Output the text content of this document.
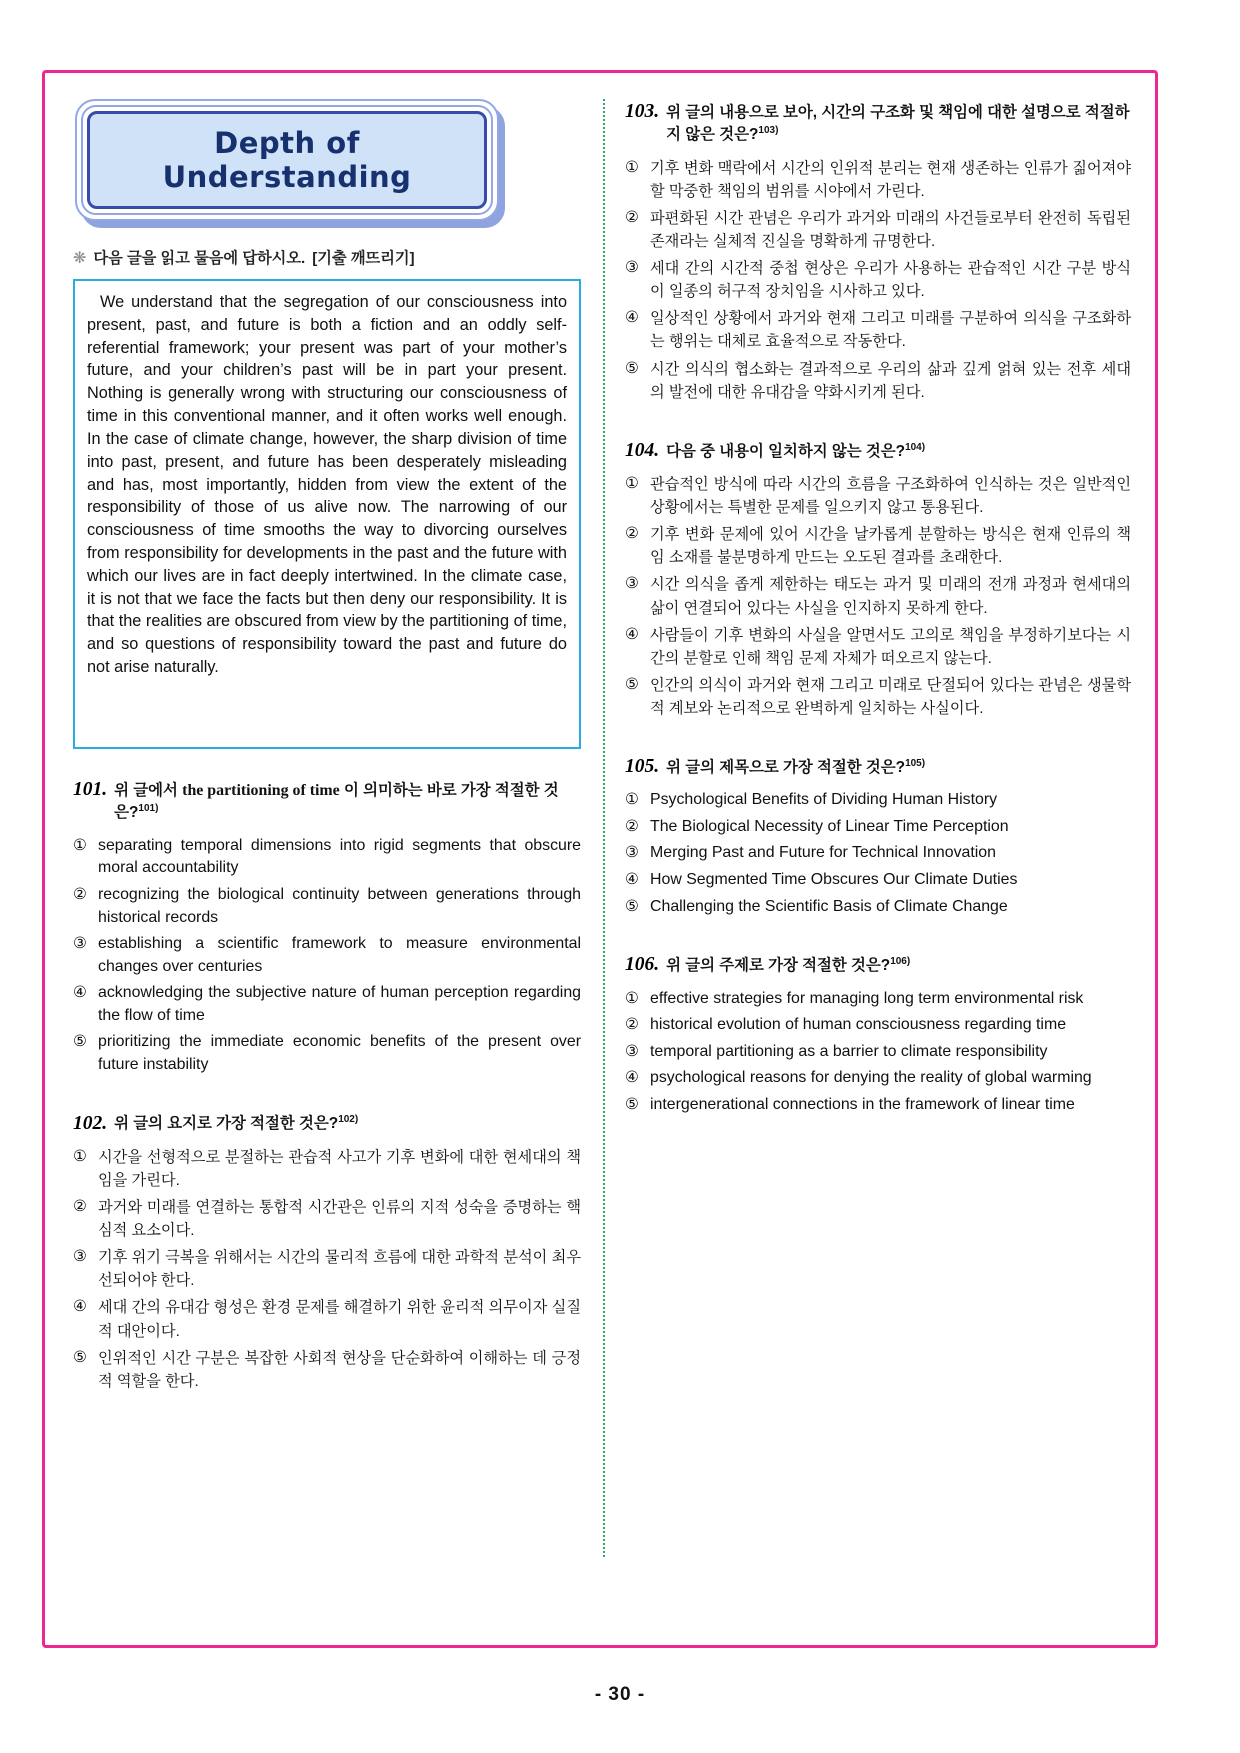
Depth of Understanding
❋ 다음 글을 읽고 물음에 답하시오. [기출 깨뜨리기]

We understand that the segregation of our consciousness into present, past, and future is both a fiction and an oddly self-referential framework; your present was part of your mother’s future, and your children’s past will be in part your present. Nothing is generally wrong with structuring our consciousness of time in this conventional manner, and it often works well enough. In the case of climate change, however, the sharp division of time into past, present, and future has been desperately misleading and has, most importantly, hidden from view the extent of the responsibility of those of us alive now. The narrowing of our consciousness of time smooths the way to divorcing ourselves from responsibility for developments in the past and the future with which our lives are in fact deeply intertwined. In the climate case, it is not that we face the facts but then deny our responsibility. It is that the realities are obscured from view by the partitioning of time, and so questions of responsibility toward the past and future do not arise naturally.

101. 위 글에서 the partitioning of time 이 의미하는 바로 가장 적절한 것은?$^{101)}$
① separating temporal dimensions into rigid segments that obscure moral accountability
② recognizing the biological continuity between generations through historical records
③ establishing a scientific framework to measure environmental changes over centuries
④ acknowledging the subjective nature of human perception regarding the flow of time
⑤ prioritizing the immediate economic benefits of the present over future instability
102. 위 글의 요지로 가장 적절한 것은?$^{102)}$
① 시간을 선형적으로 분절하는 관습적 사고가 기후 변화에 대한 현세대의 책임을 가린다.
② 과거와 미래를 연결하는 통합적 시간관은 인류의 지적 성숙을 증명하는 핵심적 요소이다.
③ 기후 위기 극복을 위해서는 시간의 물리적 흐름에 대한 과학적 분석이 최우선되어야 한다.
④ 세대 간의 유대감 형성은 환경 문제를 해결하기 위한 윤리적 의무이자 실질적 대안이다.
⑤ 인위적인 시간 구분은 복잡한 사회적 현상을 단순화하여 이해하는 데 긍정적 역할을 한다.
103. 위 글의 내용으로 보아, 시간의 구조화 및 책임에 대한 설명으로 적절하지 않은 것은?$^{103)}$
① 기후 변화 맥락에서 시간의 인위적 분리는 현재 생존하는 인류가 짊어져야 할 막중한 책임의 범위를 시야에서 가린다.
② 파편화된 시간 관념은 우리가 과거와 미래의 사건들로부터 완전히 독립된 존재라는 실체적 진실을 명확하게 규명한다.
③ 세대 간의 시간적 중첩 현상은 우리가 사용하는 관습적인 시간 구분 방식이 일종의 허구적 장치임을 시사하고 있다.
④ 일상적인 상황에서 과거와 현재 그리고 미래를 구분하여 의식을 구조화하는 행위는 대체로 효율적으로 작동한다.
⑤ 시간 의식의 협소화는 결과적으로 우리의 삶과 깊게 얽혀 있는 전후 세대의 발전에 대한 유대감을 약화시키게 된다.
104. 다음 중 내용이 일치하지 않는 것은?$^{104)}$
① 관습적인 방식에 따라 시간의 흐름을 구조화하여 인식하는 것은 일반적인 상황에서는 특별한 문제를 일으키지 않고 통용된다.
② 기후 변화 문제에 있어 시간을 날카롭게 분할하는 방식은 현재 인류의 책임 소재를 불분명하게 만드는 오도된 결과를 초래한다.
③ 시간 의식을 좁게 제한하는 태도는 과거 및 미래의 전개 과정과 현세대의 삶이 연결되어 있다는 사실을 인지하지 못하게 한다.
④ 사람들이 기후 변화의 사실을 알면서도 고의로 책임을 부정하기보다는 시간의 분할로 인해 책임 문제 자체가 떠오르지 않는다.
⑤ 인간의 의식이 과거와 현재 그리고 미래로 단절되어 있다는 관념은 생물학적 계보와 논리적으로 완벽하게 일치하는 사실이다.
105. 위 글의 제목으로 가장 적절한 것은?$^{105)}$
① Psychological Benefits of Dividing Human History
② The Biological Necessity of Linear Time Perception
③ Merging Past and Future for Technical Innovation
④ How Segmented Time Obscures Our Climate Duties
⑤ Challenging the Scientific Basis of Climate Change
106. 위 글의 주제로 가장 적절한 것은?$^{106)}$
① effective strategies for managing long term environmental risk
② historical evolution of human consciousness regarding time
③ temporal partitioning as a barrier to climate responsibility
④ psychological reasons for denying the reality of global warming
⑤ intergenerational connections in the framework of linear time
- 30 -
